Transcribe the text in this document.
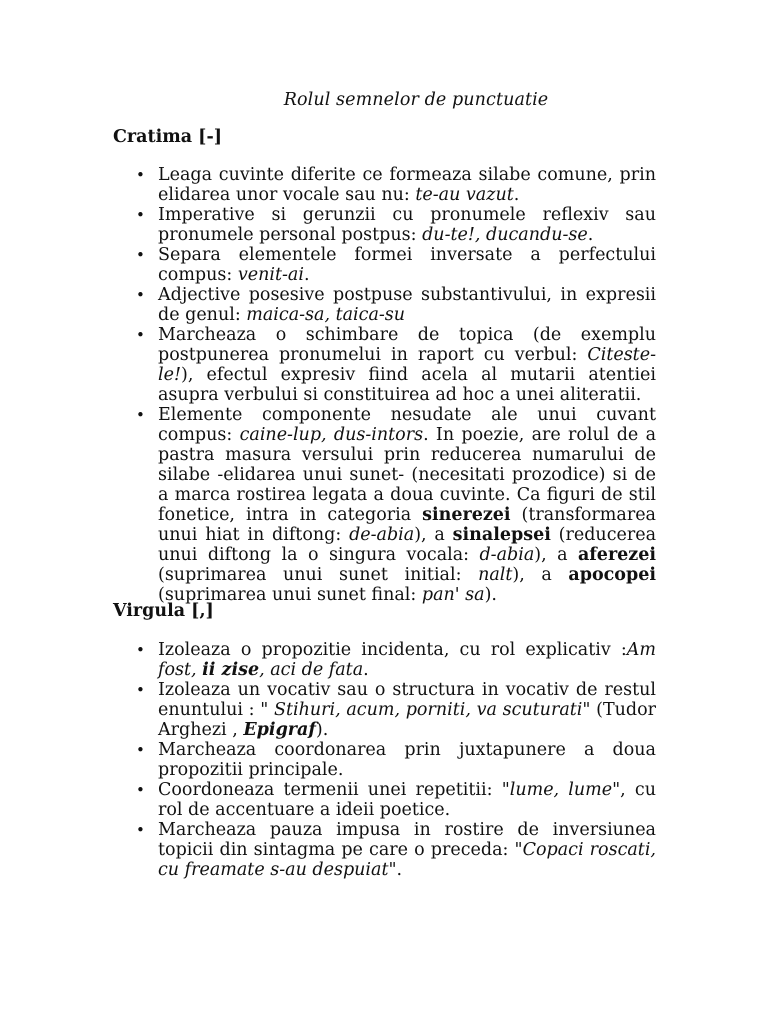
Rolul semnelor de punctuatie
Cratima [-]
• Leaga cuvinte diferite ce formeaza silabe comune, prin elidarea unor vocale sau nu: te-au vazut.
• Imperative si gerunzii cu pronumele reflexiv sau pronumele personal postpus: du-te!, ducandu-se.
• Separa elementele formei inversate a perfectului compus: venit-ai.
• Adjective posesive postpuse substantivului, in expresii de genul: maica-sa, taica-su
• Marcheaza o schimbare de topica (de exemplu postpunerea pronumelui in raport cu verbul: Citeste-le!), efectul expresiv fiind acela al mutarii atentiei asupra verbului si constituirea ad hoc a unei aliteratii.
• Elemente componente nesudate ale unui cuvant compus: caine-lup, dus-intors. In poezie, are rolul de a pastra masura versului prin reducerea numarului de silabe -elidarea unui sunet- (necesitati prozodice) si de a marca rostirea legata a doua cuvinte. Ca figuri de stil fonetice, intra in categoria sinerezei (transformarea unui hiat in diftong: de-abia), a sinalepsei (reducerea unui diftong la o singura vocala: d-abia), a aferezei (suprimarea unui sunet initial: nalt), a apocopei (suprimarea unui sunet final: pan' sa).
Virgula [,]
• Izoleaza o propozitie incidenta, cu rol explicativ :Am fost, ii zise, aci de fata.
• Izoleaza un vocativ sau o structura in vocativ de restul enuntului : " Stihuri, acum, porniti, va scuturati" (Tudor Arghezi , Epigraf).
• Marcheaza coordonarea prin juxtapunere a doua propozitii principale.
• Coordoneaza termenii unei repetitii: "lume, lume", cu rol de accentuare a ideii poetice.
• Marcheaza pauza impusa in rostire de inversiunea topicii din sintagma pe care o preceda: "Copaci roscati, cu freamate s-au despuiat".
